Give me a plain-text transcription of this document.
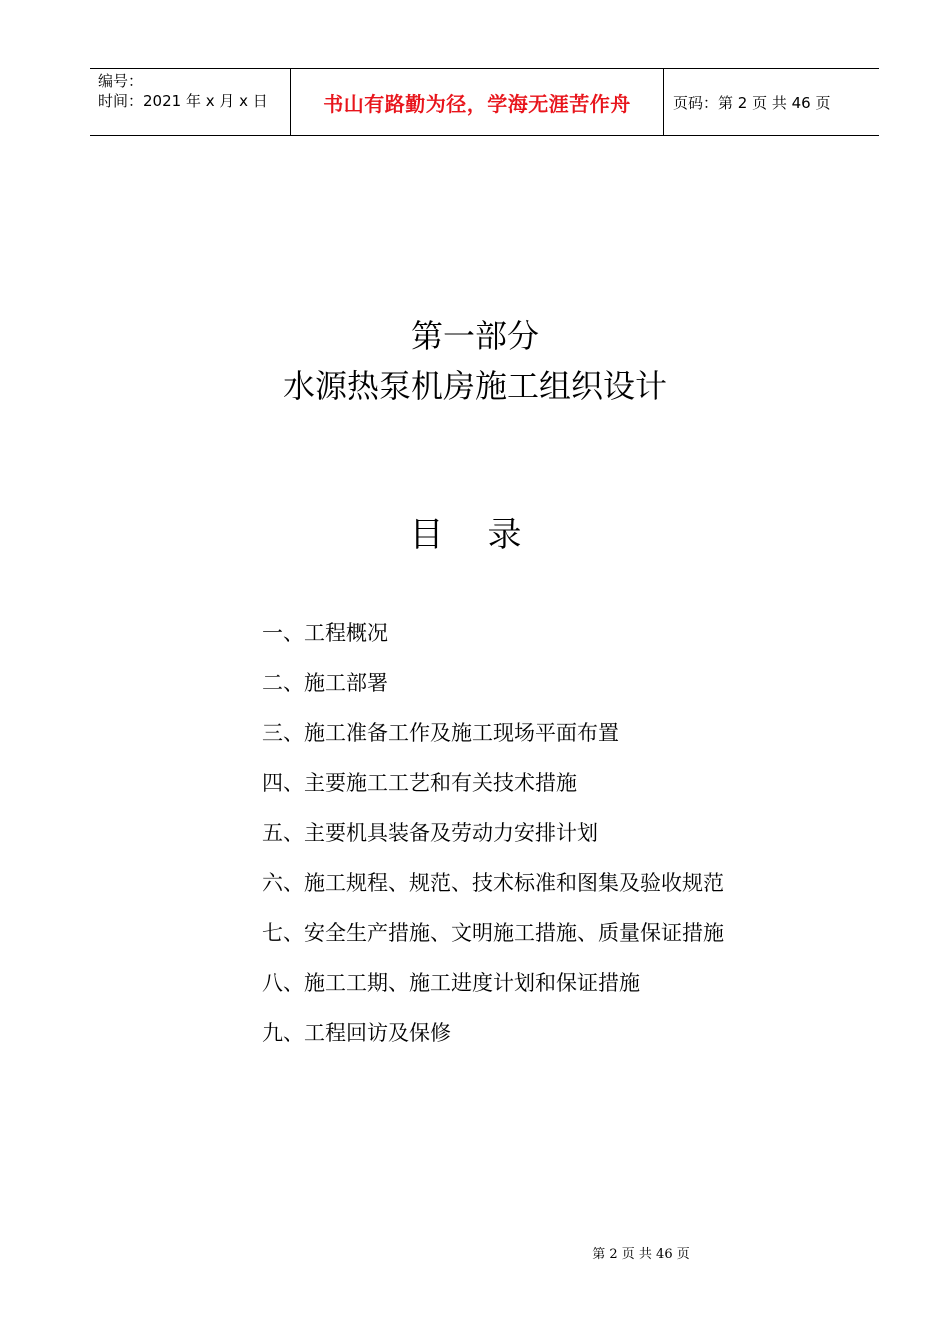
编号：
时间：2021 年 x 月 x 日	书山有路勤为径，学海无涯苦作舟	页码：第 2 页 共 46 页
第一部分
水源热泵机房施工组织设计
目录
一、工程概况
二、施工部署
三、施工准备工作及施工现场平面布置
四、主要施工工艺和有关技术措施
五、主要机具装备及劳动力安排计划
六、施工规程、规范、技术标准和图集及验收规范
七、安全生产措施、文明施工措施、质量保证措施
八、施工工期、施工进度计划和保证措施
九、工程回访及保修
第 2 页 共 46 页
